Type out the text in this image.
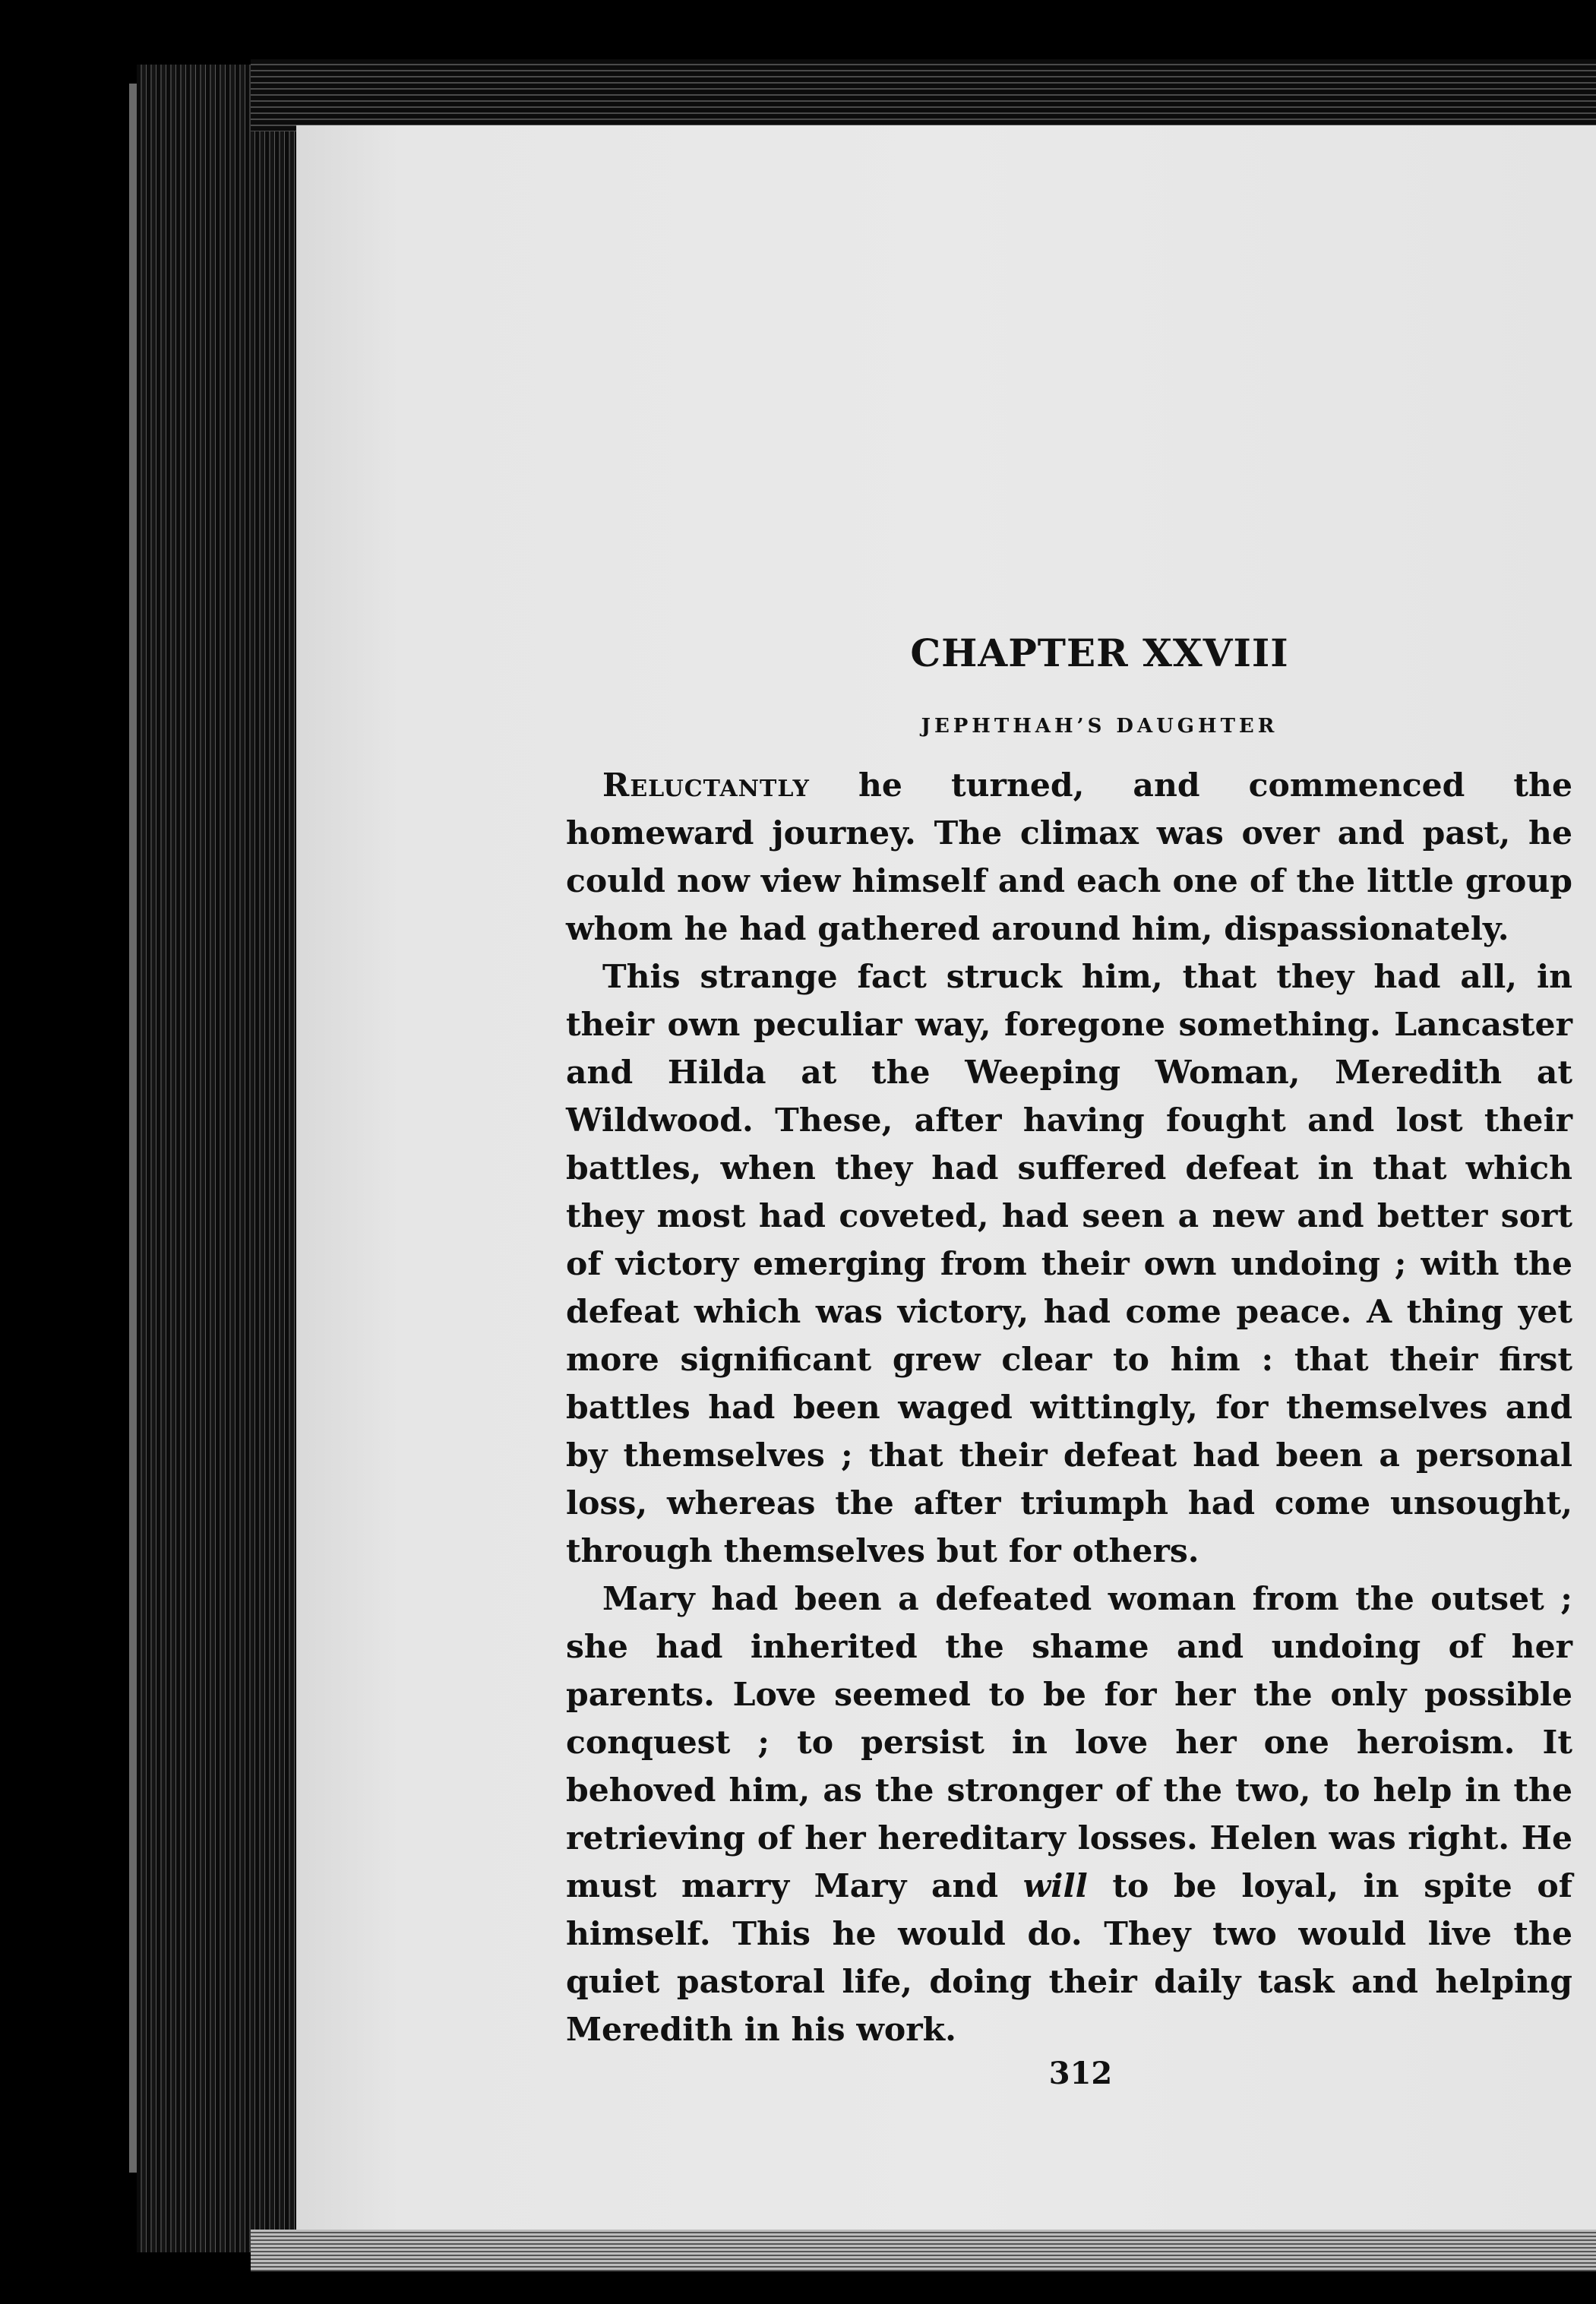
CHAPTER XXVIII
JEPHTHAH’S DAUGHTER

Reluctantly he turned, and commenced the homeward journey. The climax was over and past, he could now view himself and each one of the little group whom he had gathered around him, dispassionately.

This strange fact struck him, that they had all, in their own peculiar way, foregone something. Lancaster and Hilda at the Weeping Woman, Meredith at Wildwood. These, after having fought and lost their battles, when they had suffered defeat in that which they most had coveted, had seen a new and better sort of victory emerging from their own undoing ; with the defeat which was victory, had come peace. A thing yet more significant grew clear to him : that their first battles had been waged wittingly, for themselves and by themselves ; that their defeat had been a personal loss, whereas the after triumph had come unsought, through themselves but for others.

Mary had been a defeated woman from the outset ; she had inherited the shame and undoing of her parents. Love seemed to be for her the only possible conquest ; to persist in love her one heroism. It behoved him, as the stronger of the two, to help in the retrieving of her hereditary losses. Helen was right. He must marry Mary and will to be loyal, in spite of himself. This he would do. They two would live the quiet pastoral life, doing their daily task and helping Meredith in his work.

312
